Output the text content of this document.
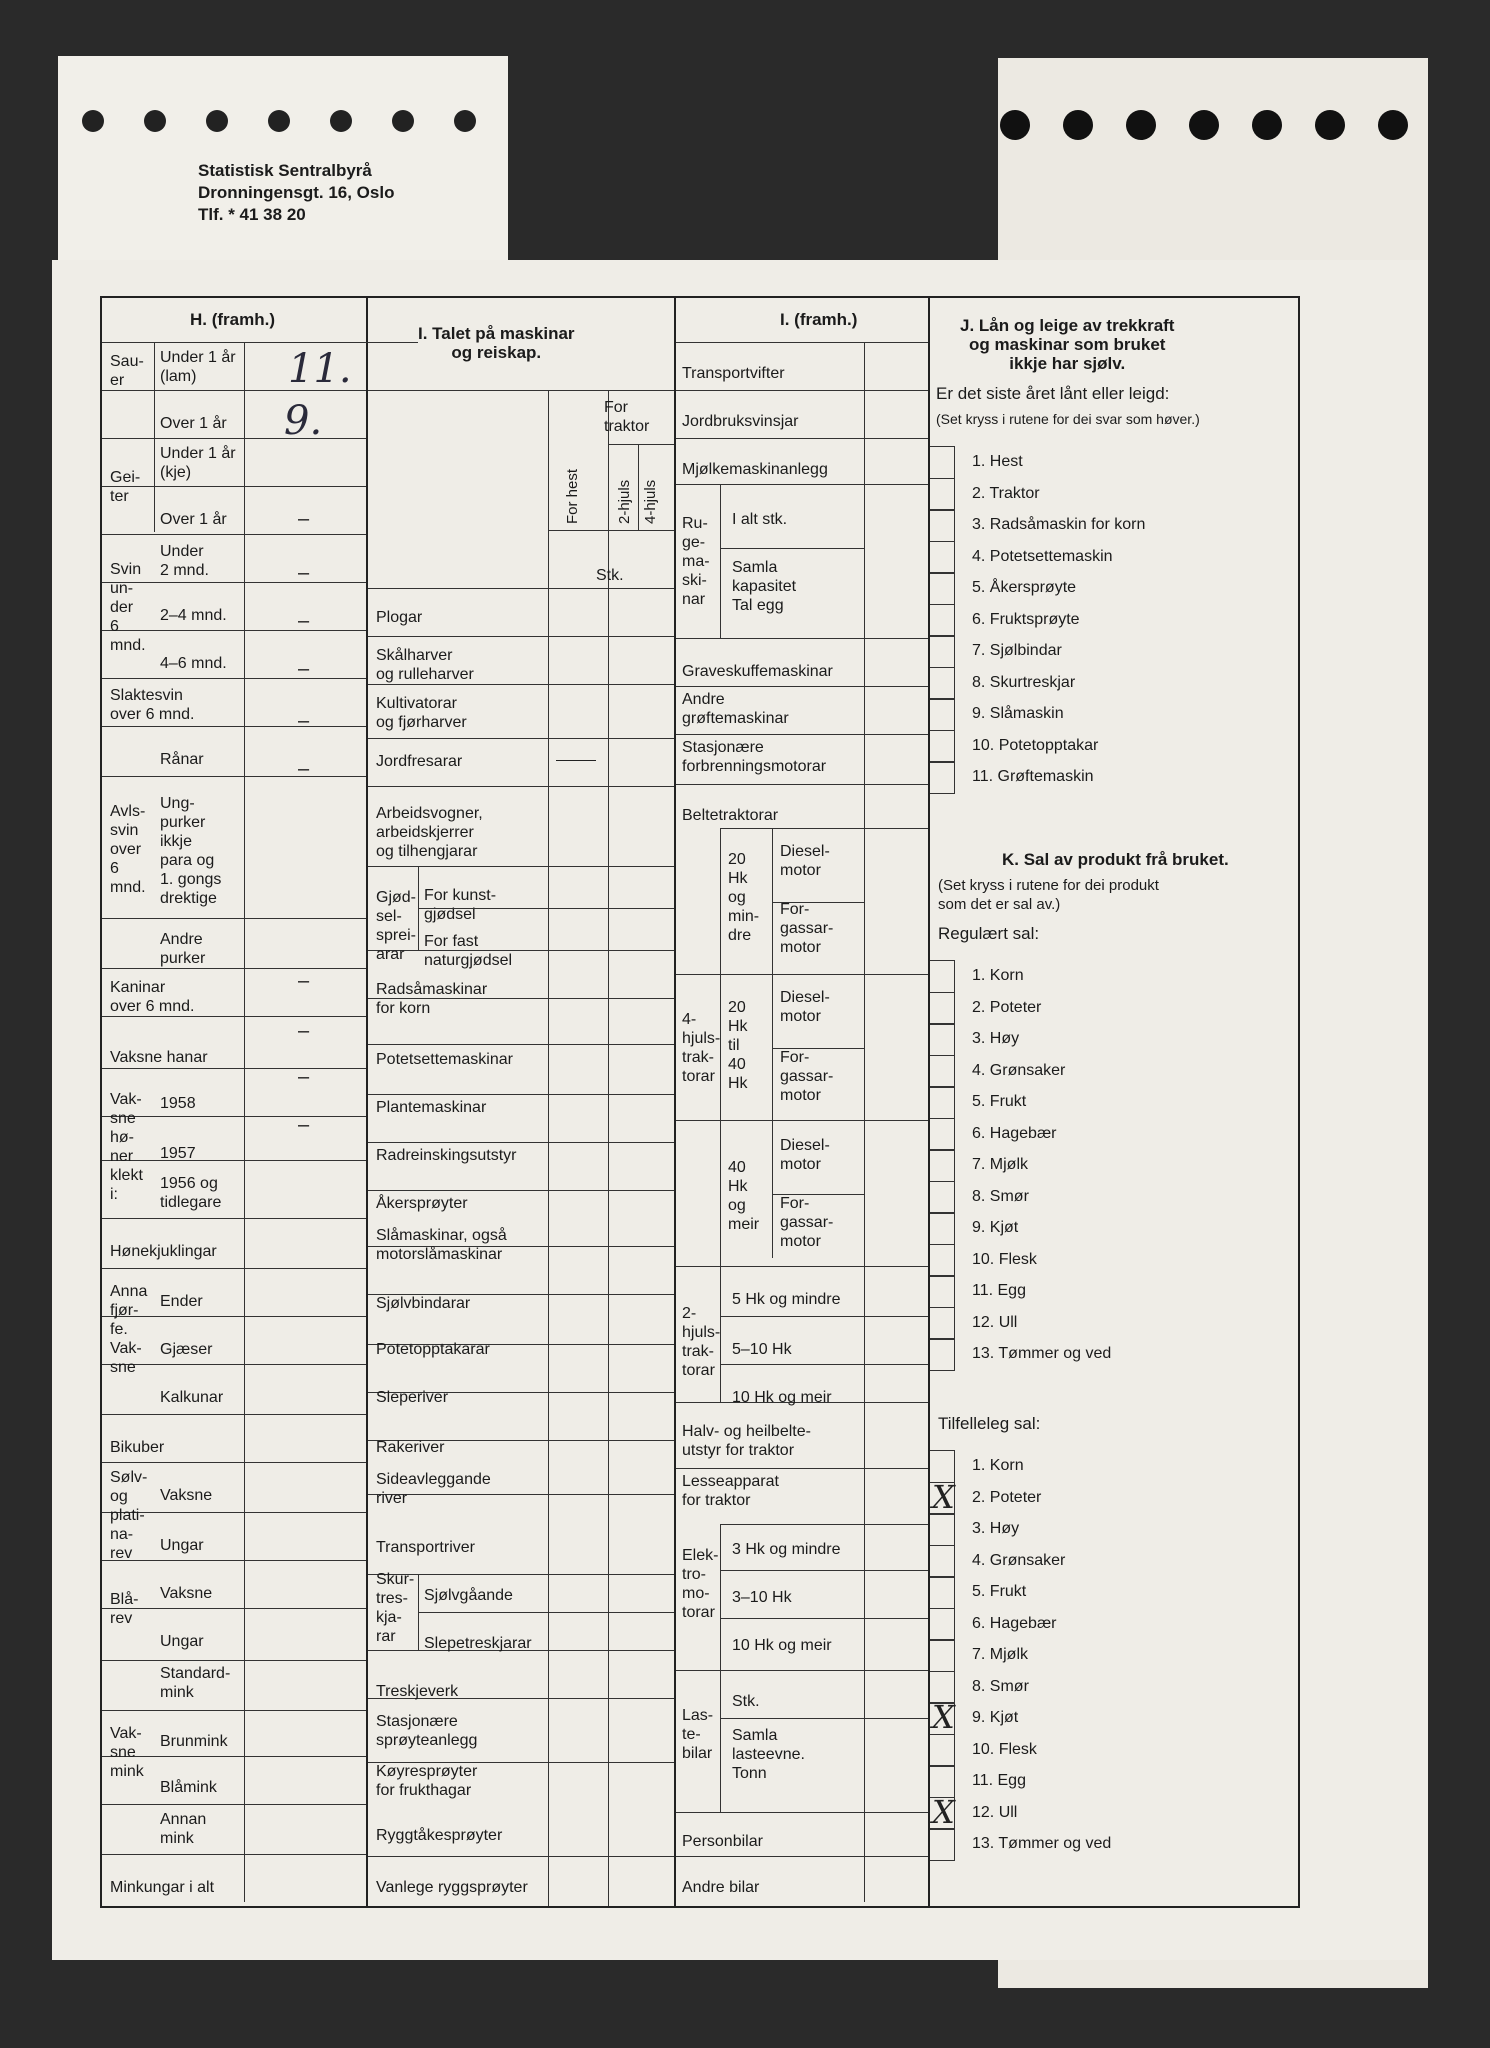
Statistisk Sentralbyrå
Dronningensgt. 16, Oslo
Tlf. * 41 38 20
H. (framh.)
Sau-
er
Under 1 år
(lam)
Over 1 år
Gei-
ter
Under 1 år
(kje)
Over 1 år
Svin
un-
der
6
mnd.
Under
2 mnd.
2–4 mnd.
4–6 mnd.
Slaktesvin
over 6 mnd.
Avls-
svin
over
6
mnd.
Rånar
Ung-
purker
ikkje
para og
1. gongs
drektige
Andre
purker
Kaninar
over 6 mnd.
Vaksne hanar
Vak-
sne
hø-
ner
klekt
i:
1958
1957
1956 og
tidlegare
Hønekjuklingar
Anna
fjør-
fe.
Vak-
sne
Ender
Gjæser
Kalkunar
Bikuber
Sølv-
og
plati-
na-
rev
Vaksne
Ungar
Blå-
rev
Vaksne
Ungar
Vak-
sne
mink
Standard-
mink
Brunmink
Blåmink
Annan
mink
Minkungar i alt
11.
9.
–
–
–
–
–
–
–
–
–
–
I. Talet på maskinar
og reiskap.
For
traktor
For hest 2-hjuls 4-hjuls
Stk.
Plogar
Skålharver
og rulleharver
Kultivatorar
og fjørharver
Jordfresarar
Arbeidsvogner,
arbeidskjerrer
og tilhengjarar
Gjød-
sel-
sprei-
arar
For kunst-
gjødsel
For fast
naturgjødsel
Radsåmaskinar
for korn
Potetsettemaskinar
Plantemaskinar
Radreinskingsutstyr
Åkersprøyter
Slåmaskinar, også
motorslåmaskinar
Sjølvbindarar
Potetopptakarar
Sleperiver
Rakeriver
Sideavleggande
river
Transportriver
Skur-
tres-
kja-
rar
Sjølvgåande
Slepetreskjarar
Treskjeverk
Stasjonære
sprøyteanlegg
Køyresprøyter
for frukthagar
Ryggtåkesprøyter
Vanlege ryggsprøyter
I. (framh.)
Transportvifter
Jordbruksvinsjar
Mjølkemaskinanlegg
Ru-
ge-
ma-
ski-
nar
I alt stk.
Samla
kapasitet
Tal egg
Graveskuffemaskinar
Andre
grøftemaskinar
Stasjonære
forbrenningsmotorar
Beltetraktorar
4-
hjuls-
trak-
torar
20
Hk
og
min-
dre
20
Hk
til
40
Hk
40
Hk
og
meir
Diesel-
motor
For-
gassar-
motor
Diesel-
motor
For-
gassar-
motor
Diesel-
motor
For-
gassar-
motor
2-
hjuls-
trak-
torar
5 Hk og mindre
5–10 Hk
10 Hk og meir
Halv- og heilbelte-
utstyr for traktor
Lesseapparat
for traktor
Elek-
tro-
mo-
torar
3 Hk og mindre
3–10 Hk
10 Hk og meir
Las-
te-
bilar
Stk.
Samla
lasteevne.
Tonn
Personbilar
Andre bilar
J. Lån og leige av trekkraft
og maskinar som bruket
ikkje har sjølv.
Er det siste året lånt eller leigd:
(Set kryss i rutene for dei svar som høver.)
1. Hest
2. Traktor
3. Radsåmaskin for korn
4. Potetsettemaskin
5. Åkersprøyte
6. Fruktsprøyte
7. Sjølbindar
8. Skurtreskjar
9. Slåmaskin
10. Potetopptakar
11. Grøftemaskin
K. Sal av produkt frå bruket.
(Set kryss i rutene for dei produkt
som det er sal av.)
Regulært sal:
1. Korn
2. Poteter
3. Høy
4. Grønsaker
5. Frukt
6. Hagebær
7. Mjølk
8. Smør
9. Kjøt
10. Flesk
11. Egg
12. Ull
13. Tømmer og ved
Tilfelleleg sal:
1. Korn
2. Poteter
X
3. Høy
4. Grønsaker
5. Frukt
6. Hagebær
7. Mjølk
8. Smør
9. Kjøt
X
10. Flesk
11. Egg
12. Ull
X
13. Tømmer og ved
